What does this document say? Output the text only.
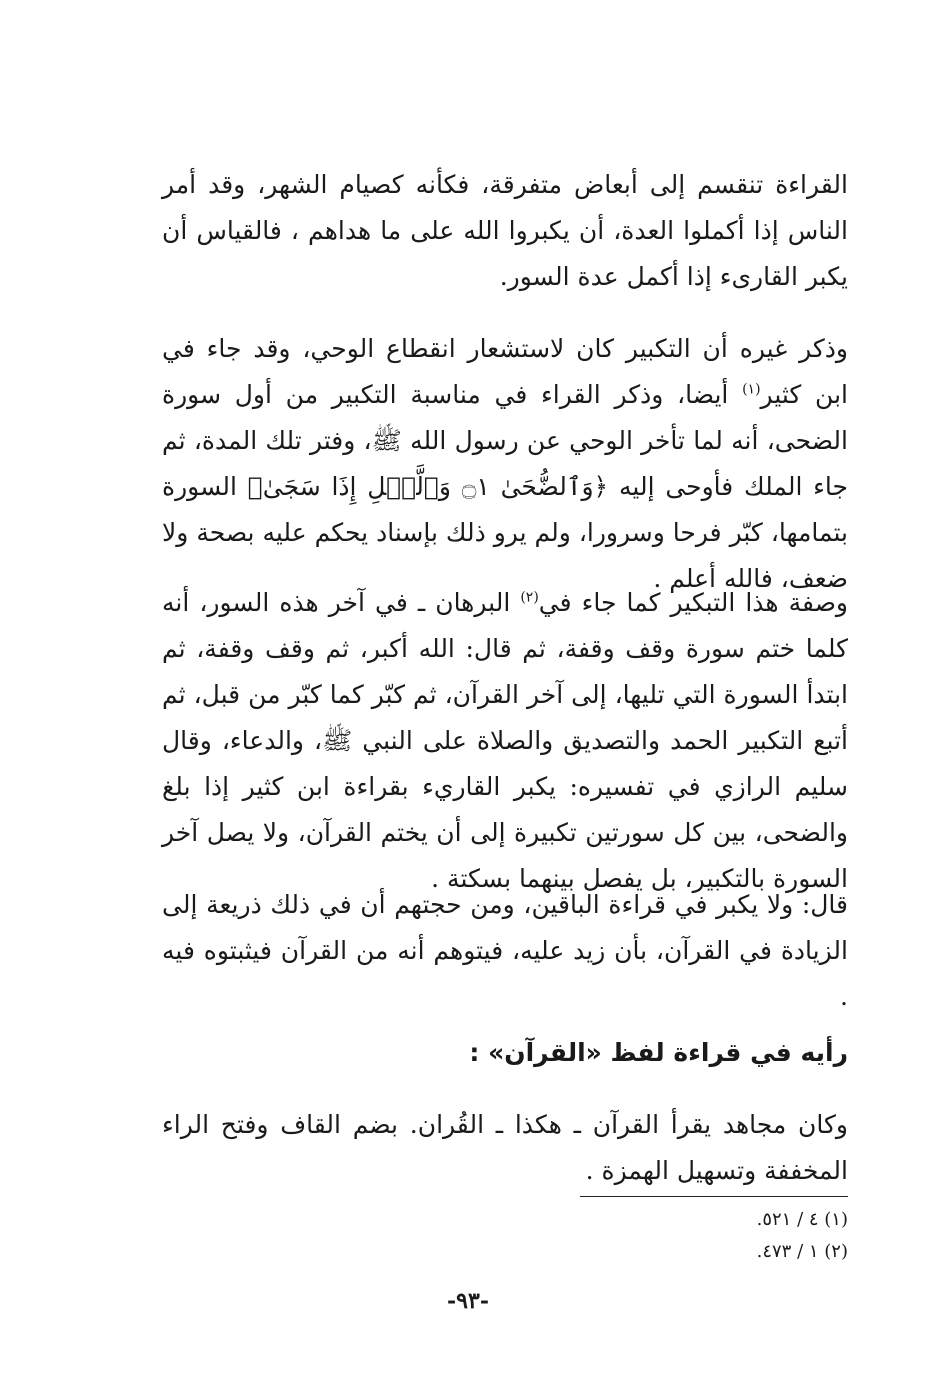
القراءة تنقسم إلى أبعاض متفرقة، فكأنه كصيام الشهر، وقد أمر الناس إذا أكملوا العدة، أن يكبروا الله على ما هداهم ، فالقياس أن يكبر القارىء إذا أكمل عدة السور.

وذكر غيره أن التكبير كان لاستشعار انقطاع الوحي، وقد جاء في ابن كثير$^{(١)}$ أيضا، وذكر القراء في مناسبة التكبير من أول سورة الضحى، أنه لما تأخر الوحي عن رسول الله ﷺ، وفتر تلك المدة، ثم جاء الملك فأوحى إليه ﴿وَٱلضُّحَىٰ ۝١ وَٱلَّيۡلِ إِذَا سَجَىٰ﴾ السورة بتمامها، كبّر فرحا وسرورا، ولم يرو ذلك بإسناد يحكم عليه بصحة ولا ضعف، فالله أعلم .

وصفة هذا التبكير كما جاء في$^{(٢)}$ البرهان ـ في آخر هذه السور، أنه كلما ختم سورة وقف وقفة، ثم قال: الله أكبر، ثم وقف وقفة، ثم ابتدأ السورة التي تليها، إلى آخر القرآن، ثم كبّر كما كبّر من قبل، ثم أتبع التكبير الحمد والتصديق والصلاة على النبي ﷺ، والدعاء، وقال سليم الرازي في تفسيره: يكبر القاريء بقراءة ابن كثير إذا بلغ والضحى، بين كل سورتين تكبيرة إلى أن يختم القرآن، ولا يصل آخر السورة بالتكبير، بل يفصل بينهما بسكتة .

قال: ولا يكبر في قراءة الباقين، ومن حجتهم أن في ذلك ذريعة إلى الزيادة في القرآن، بأن زيد عليه، فيتوهم أنه من القرآن فيثبتوه فيه .

رأيه في قراءة لفظ «القرآن» :

وكان مجاهد يقرأ القرآن ـ هكذا ـ القُران. بضم القاف وفتح الراء المخففة وتسهيل الهمزة .

(١) ٤ / ٥٢١.
(٢) ١ / ٤٧٣.
-٩٣-
